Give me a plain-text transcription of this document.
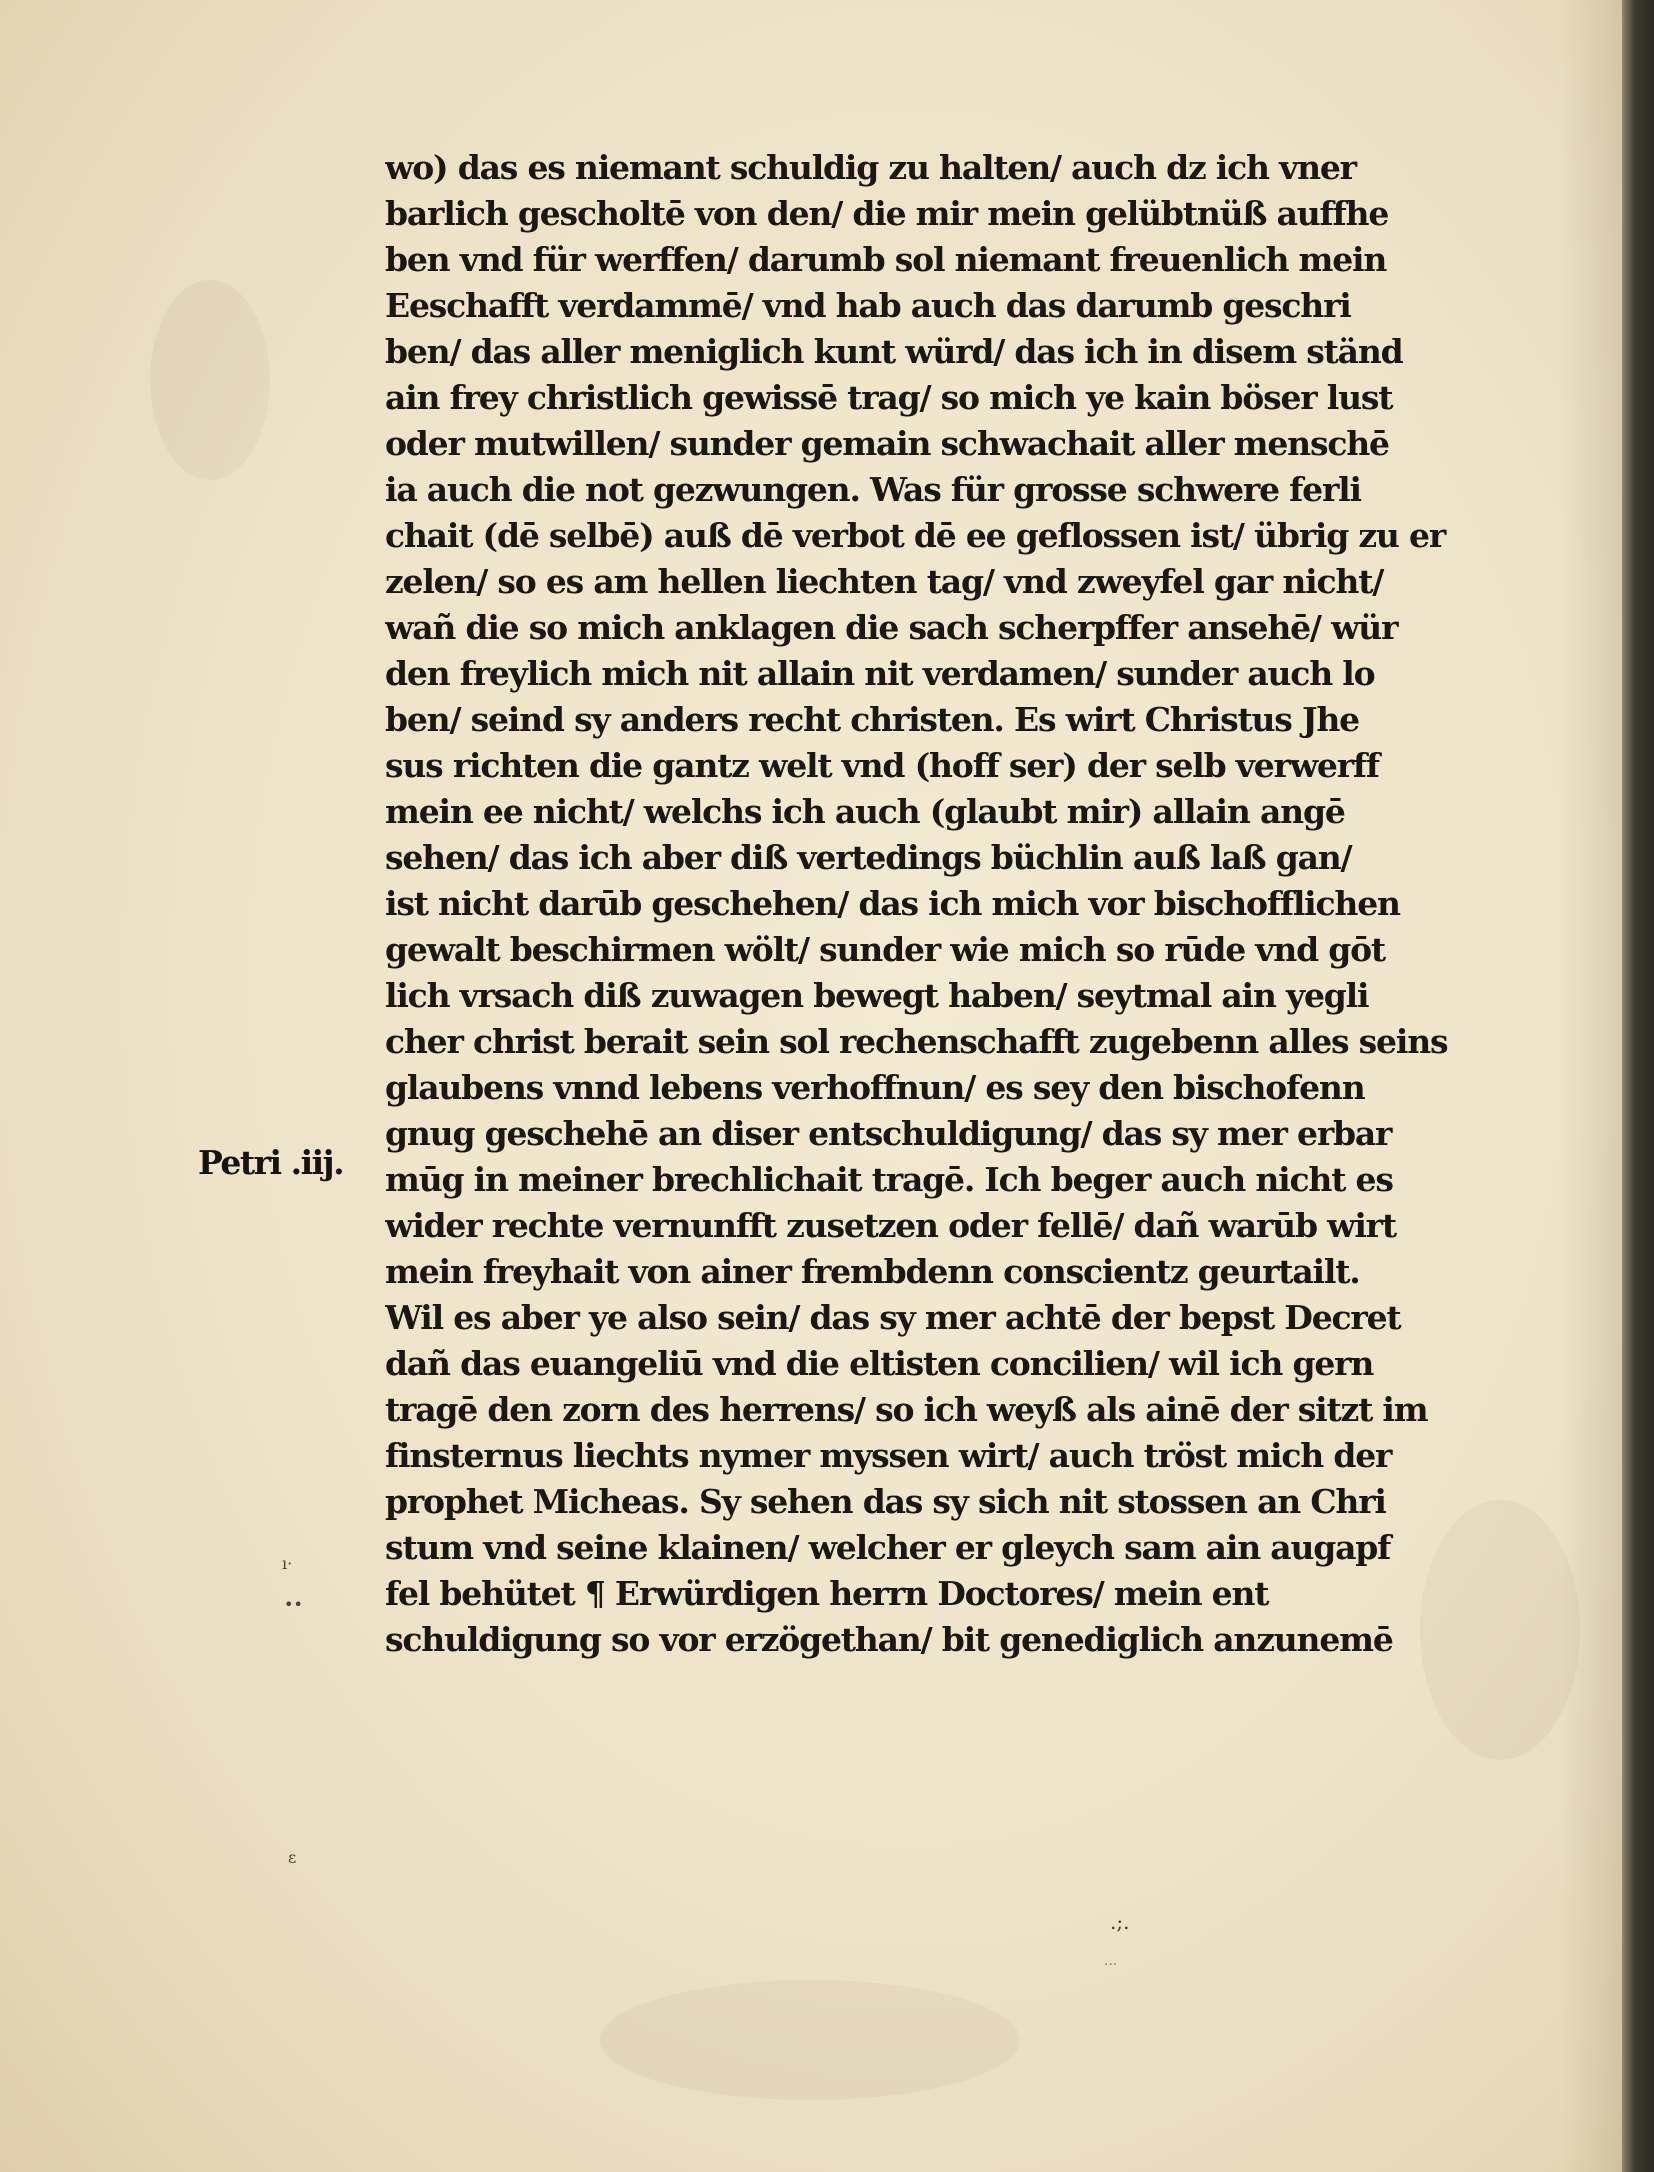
wo) das es niemant schuldig zu halten/ auch dz ich vner
barlich gescholtē von den/ die mir mein gelübtnüß auffhe
ben vnd für werffen/ darumb sol niemant freuenlich mein
Eeschafft verdammē/ vnd hab auch das darumb geschri
ben/ das aller meniglich kunt würd/ das ich in disem ständ
ain frey christlich gewissē trag/ so mich ye kain böser lust
oder mutwillen/ sunder gemain schwachait aller menschē
ia auch die not gezwungen. Was für grosse schwere ferli
chait (dē selbē) auß dē verbot dē ee geflossen ist/ übrig zu er
zelen/ so es am hellen liechten tag/ vnd zweyfel gar nicht/
wañ die so mich anklagen die sach scherpffer ansehē/ wür
den freylich mich nit allain nit verdamen/ sunder auch lo
ben/ seind sy anders recht christen. Es wirt Christus Jhe
sus richten die gantz welt vnd (hoff ser) der selb verwerff
mein ee nicht/ welchs ich auch (glaubt mir) allain angē
sehen/ das ich aber diß vertedings büchlin auß laß gan/
ist nicht darūb geschehen/ das ich mich vor bischofflichen
gewalt beschirmen wölt/ sunder wie mich so rūde vnd gōt
lich vrsach diß zuwagen bewegt haben/ seytmal ain yegli
cher christ berait sein sol rechenschafft zugebenn alles seins
glaubens vnnd lebens verhoffnun/ es sey den bischofenn
gnug geschehē an diser entschuldigung/ das sy mer erbar
mūg in meiner brechlichait tragē. Ich beger auch nicht es
wider rechte vernunfft zusetzen oder fellē/ dañ warūb wirt
mein freyhait von ainer frembdenn conscientz geurtailt.
Wil es aber ye also sein/ das sy mer achtē der bepst Decret
dañ das euangeliū vnd die eltisten concilien/ wil ich gern
tragē den zorn des herrens/ so ich weyß als ainē der sitzt im
finsternus liechts nymer myssen wirt/ auch tröst mich der
prophet Micheas. Sy sehen das sy sich nit stossen an Chri
stum vnd seine klainen/ welcher er gleych sam ain augapf
fel behütet ¶ Erwürdigen herrn Doctores/ mein ent
schuldigung so vor erzögethan/ bit genediglich anzunemē
Petri .iij.
ı·
••
ɛ
.;.
...
